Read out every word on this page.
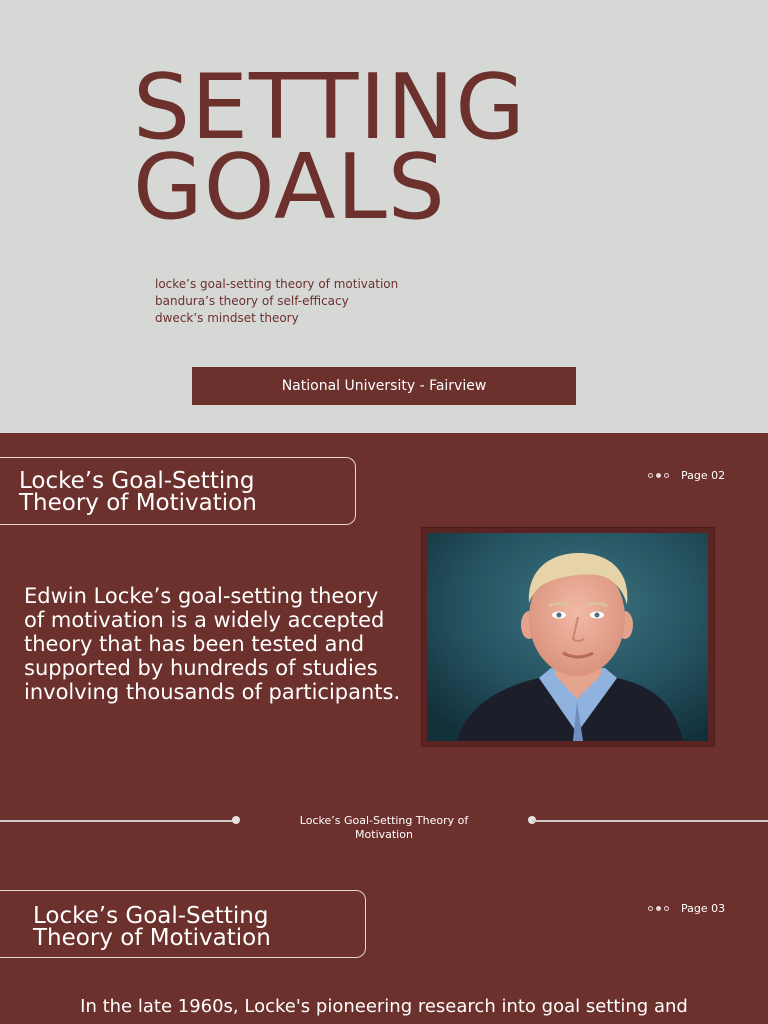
SETTING
GOALS
locke’s goal-setting theory of motivation
bandura’s theory of self-efficacy
dweck’s mindset theory
National University - Fairview
Locke’s Goal-Setting
Theory of Motivation
Page 02

Edwin Locke’s goal-setting theory of motivation is a widely accepted theory that has been tested and supported by hundreds of studies involving thousands of participants.

Locke’s Goal-Setting Theory of
Motivation
Locke’s Goal-Setting
Theory of Motivation
Page 03

In the late 1960s, Locke's pioneering research into goal setting and
